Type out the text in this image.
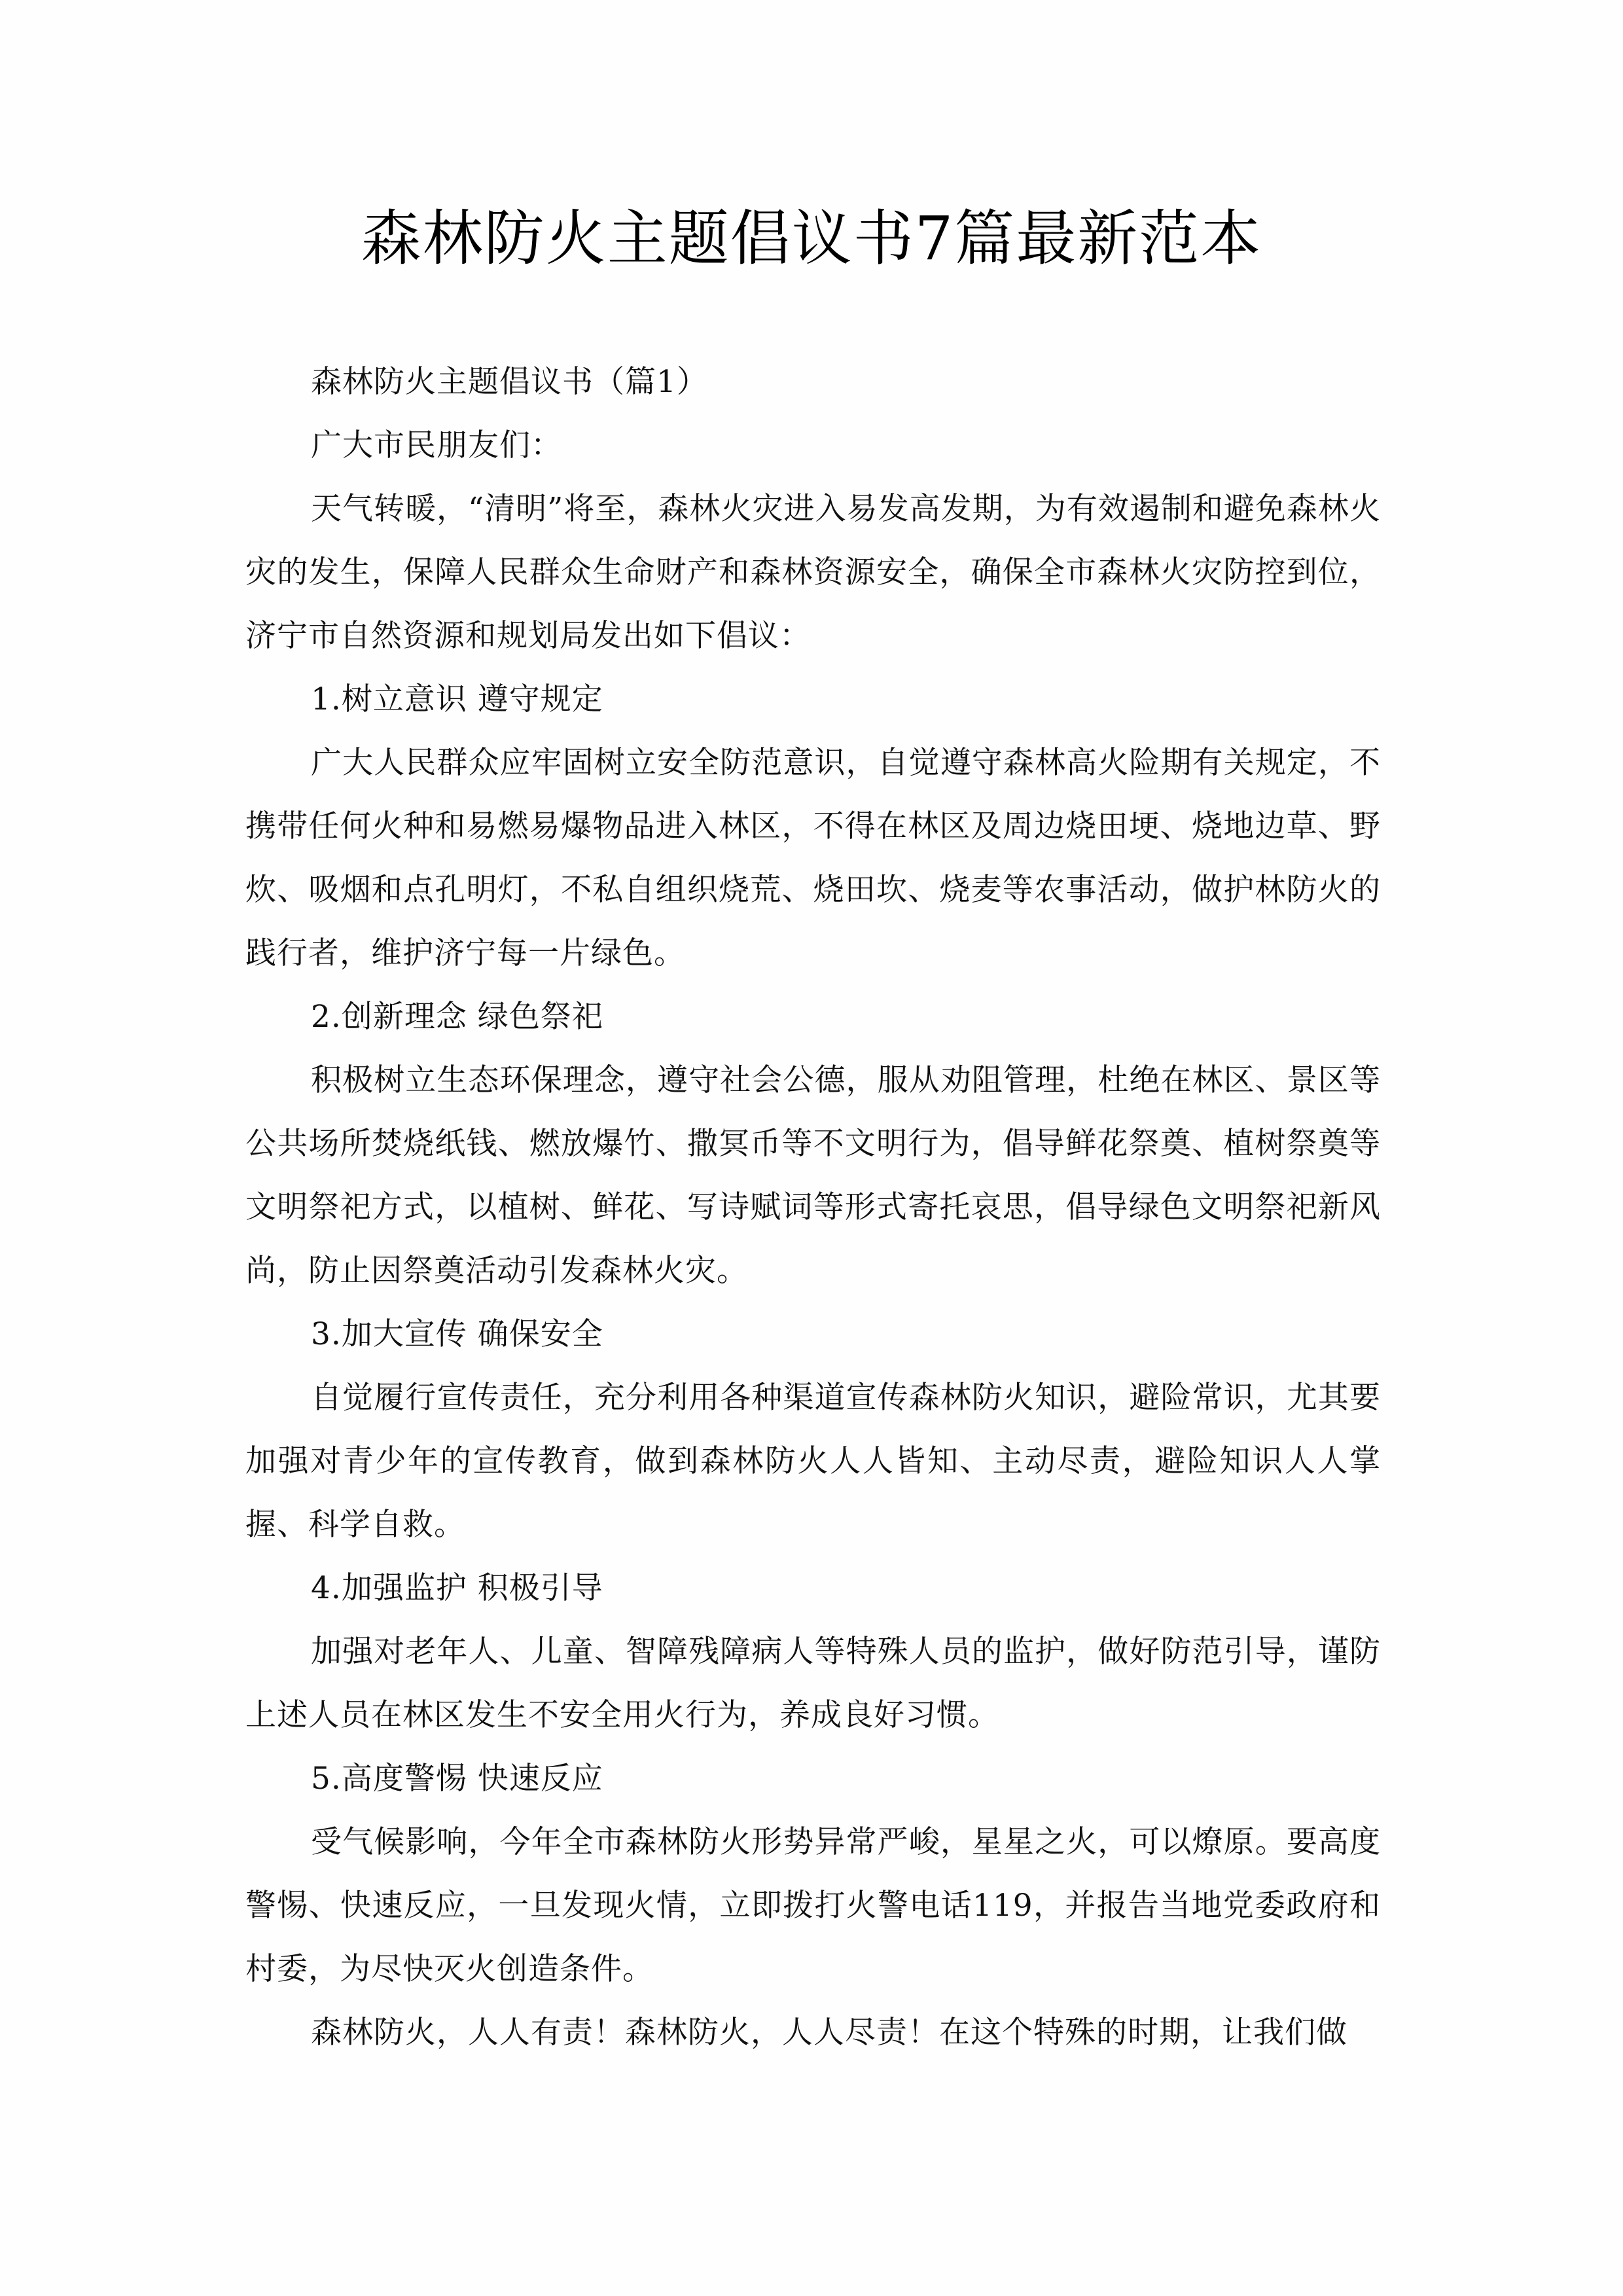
森林防火主题倡议书7篇最新范本

森林防火主题倡议书（篇1）

广大市民朋友们：

天气转暖，“清明”将至，森林火灾进入易发高发期，为有效遏制和避免森林火灾的发生，保障人民群众生命财产和森林资源安全，确保全市森林火灾防控到位，济宁市自然资源和规划局发出如下倡议：

1.树立意识 遵守规定

广大人民群众应牢固树立安全防范意识，自觉遵守森林高火险期有关规定，不携带任何火种和易燃易爆物品进入林区，不得在林区及周边烧田埂、烧地边草、野炊、吸烟和点孔明灯，不私自组织烧荒、烧田坎、烧麦等农事活动，做护林防火的践行者，维护济宁每一片绿色。

2.创新理念 绿色祭祀

积极树立生态环保理念，遵守社会公德，服从劝阻管理，杜绝在林区、景区等公共场所焚烧纸钱、燃放爆竹、撒冥币等不文明行为，倡导鲜花祭奠、植树祭奠等文明祭祀方式，以植树、鲜花、写诗赋词等形式寄托哀思，倡导绿色文明祭祀新风尚，防止因祭奠活动引发森林火灾。

3.加大宣传 确保安全

自觉履行宣传责任，充分利用各种渠道宣传森林防火知识，避险常识，尤其要加强对青少年的宣传教育，做到森林防火人人皆知、主动尽责，避险知识人人掌握、科学自救。

4.加强监护 积极引导

加强对老年人、儿童、智障残障病人等特殊人员的监护，做好防范引导，谨防上述人员在林区发生不安全用火行为，养成良好习惯。

5.高度警惕 快速反应

受气候影响，今年全市森林防火形势异常严峻，星星之火，可以燎原。要高度警惕、快速反应，一旦发现火情，立即拨打火警电话119，并报告当地党委政府和村委，为尽快灭火创造条件。

森林防火，人人有责！森林防火，人人尽责！在这个特殊的时期，让我们做
